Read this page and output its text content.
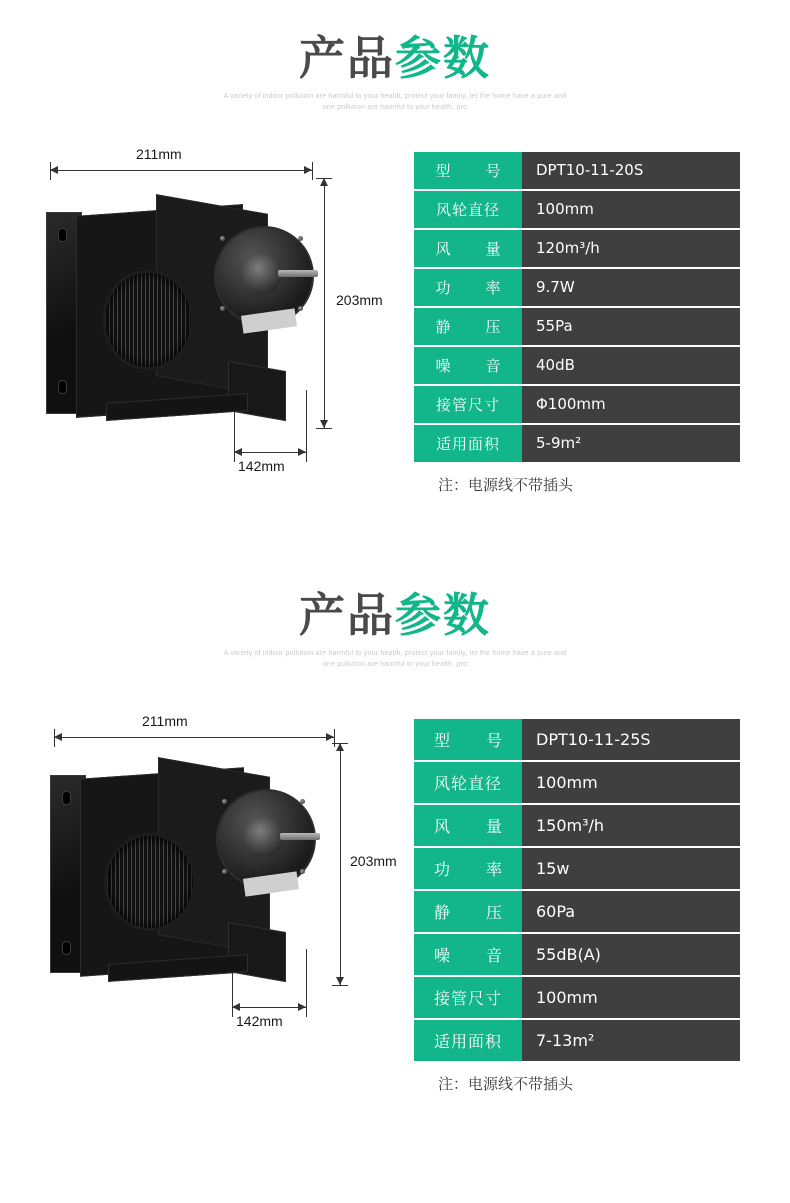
产品参数
A variety of indoor pollution are harmful to your health, protect your family, let the home have a pure and
one pollution are harmful to your health, pro
211mm
203mm
142mm
型　号	DPT10-11-20S
风轮直径	100mm
风　量	120m³/h
功　率	9.7W
静　压	55Pa
噪　音	40dB
接管尺寸	Φ100mm
适用面积	5-9m²
注：电源线不带插头
产品参数
A variety of indoor pollution are harmful to your health, protect your family, let the home have a pure and
one pollution are harmful to your health, pro
211mm
203mm
142mm
型　号	DPT10-11-25S
风轮直径	100mm
风　量	150m³/h
功　率	15w
静　压	60Pa
噪　音	55dB(A)
接管尺寸	100mm
适用面积	7-13m²
注：电源线不带插头
